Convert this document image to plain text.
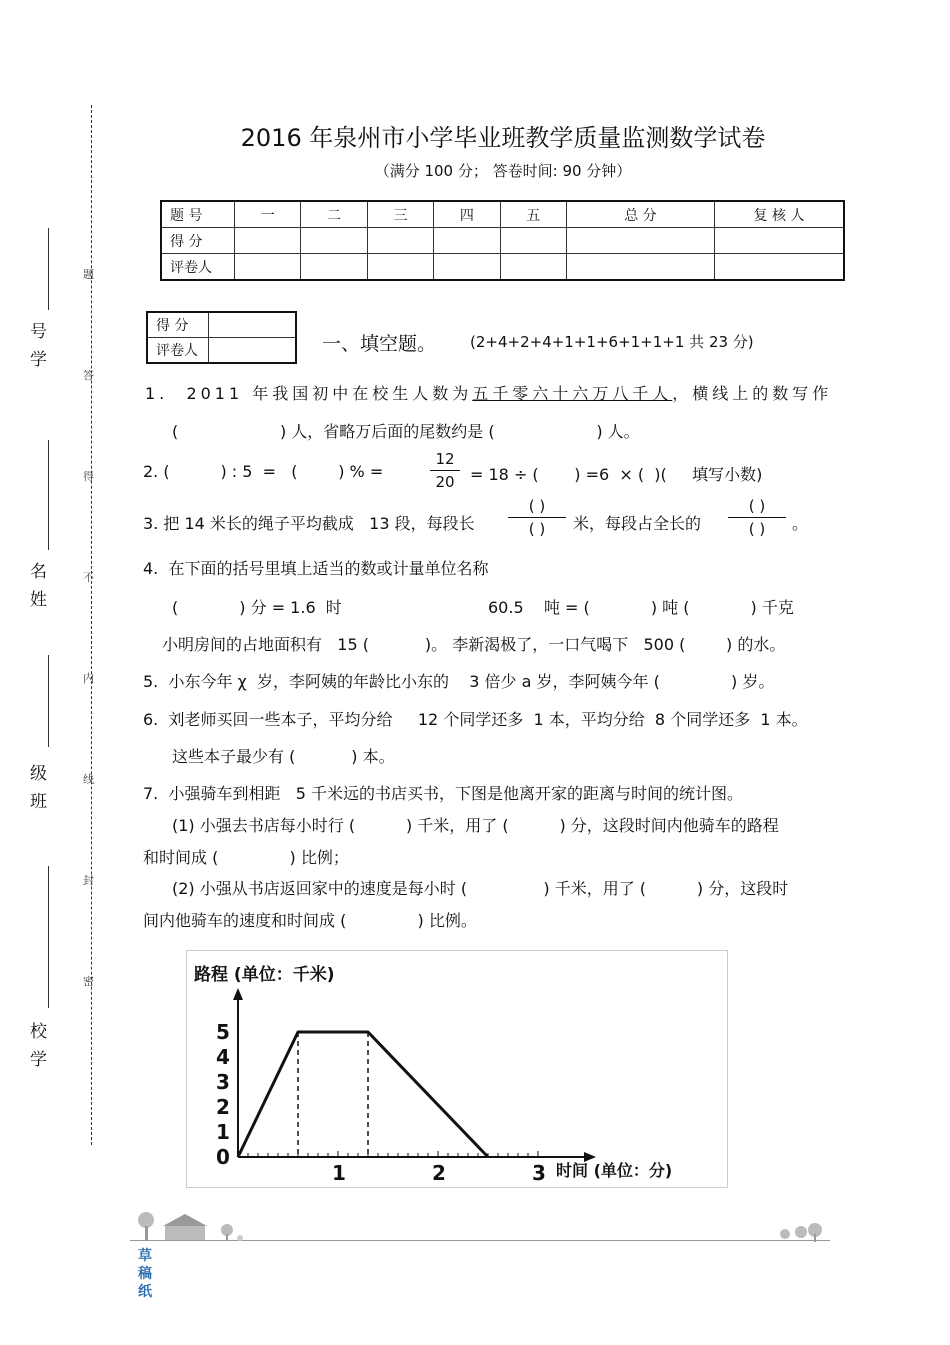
号学
名姓
级班
校学
题
答
得
不
内
线
封
密
2016 年泉州市小学毕业班教学质量监测数学试卷
（满分 100 分； 答卷时间: 90 分钟）
题 号	一	二	三	四	五	总 分	复 核 人
得 分							
评卷人							
得 分	
评卷人		一、填空题。 (2+4+2+4+1+1+6+1+1+1 共 23 分)
1.  2011 年我国初中在校生人数为五千零六十六万八千人，横线上的数写作
(                    ) 人，省略万后面的尾数约是 (                    ) 人。
2. (          ) : 5  =   (        ) % =
12
20 = 18 ÷ (       ) =6  × (  )(     填写小数)
3. 把 14 米长的绳子平均截成   13 段，每段长
( )
( )	米，每段占全长的
( )
( )	。
4.  在下面的括号里填上适当的数或计量单位名称
(            ) 分 = 1.6  时	60.5    吨 = (            ) 吨 (            ) 千克
小明房间的占地面积有   15 (           )。 李新渴极了，一口气喝下   500 (        ) 的水。
5.  小东今年 χ  岁，李阿姨的年龄比小东的    3 倍少 a 岁，李阿姨今年 (              ) 岁。
6.  刘老师买回一些本子，平均分给     12 个同学还多  1 本，平均分给  8 个同学还多  1 本。
这些本子最少有 (           ) 本。
7.  小强骑车到相距   5 千米远的书店买书，下图是他离开家的距离与时间的统计图。
(1) 小强去书店每小时行 (          ) 千米，用了 (          ) 分，这段时间内他骑车的路程
和时间成 (              ) 比例；
(2) 小强从书店返回家中的速度是每小时 (               ) 千米，用了 (          ) 分，这段时
间内他骑车的速度和时间成 (              ) 比例。
路程 (单位：千米)
时间 (单位：分)
0
1
2
3
4
5
1	2	3
草稿纸
